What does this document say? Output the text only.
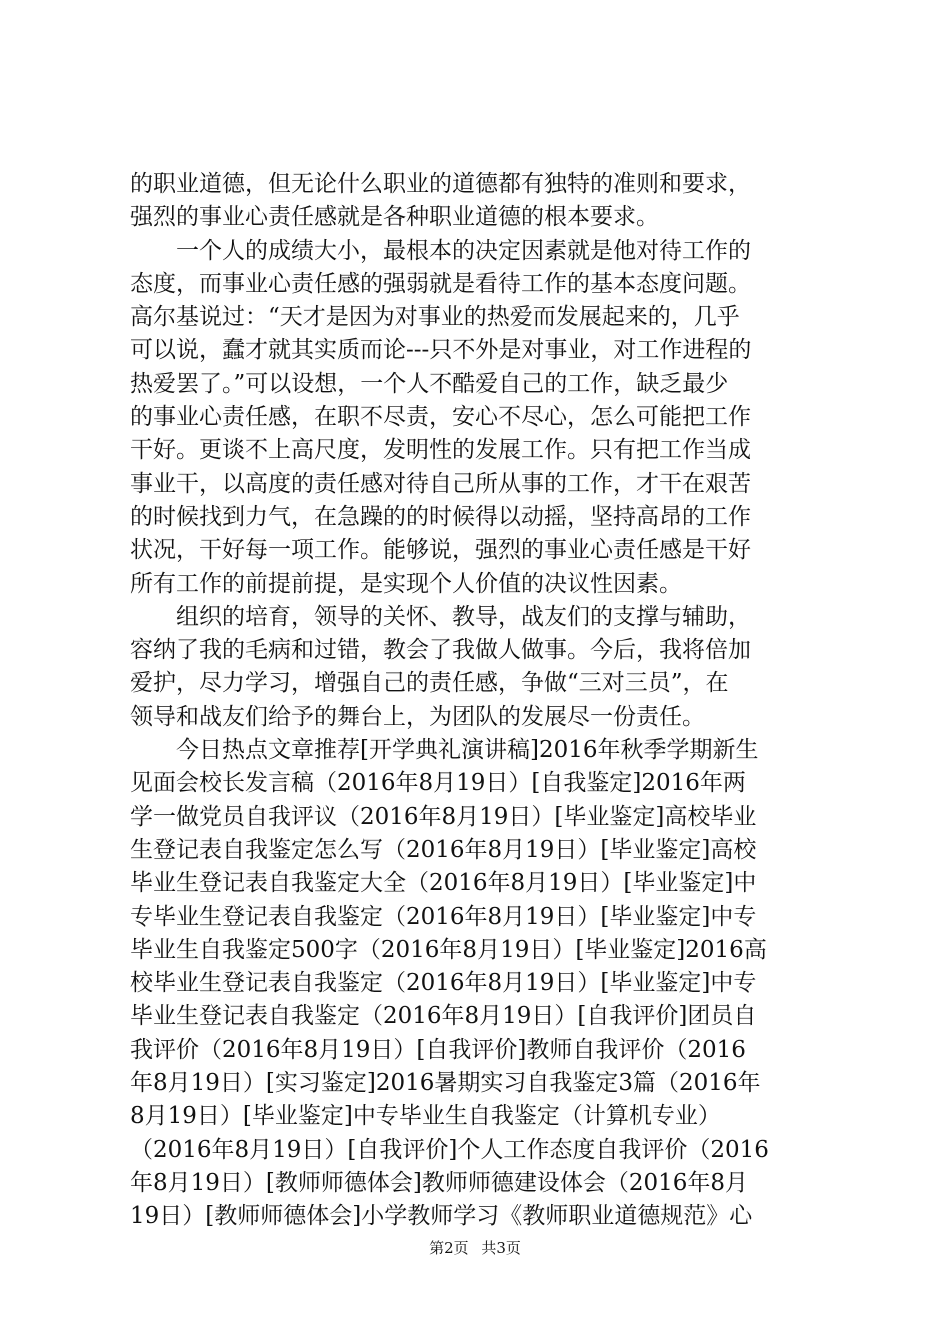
的职业道德，但无论什么职业的道德都有独特的准则和要求，
强烈的事业心责任感就是各种职业道德的根本要求。
　　一个人的成绩大小，最根本的决定因素就是他对待工作的
态度，而事业心责任感的强弱就是看待工作的基本态度问题。
高尔基说过：“天才是因为对事业的热爱而发展起来的，几乎
可以说，蠢才就其实质而论---只不外是对事业，对工作进程的
热爱罢了。”可以设想，一个人不酷爱自己的工作，缺乏最少
的事业心责任感，在职不尽责，安心不尽心，怎么可能把工作
干好。更谈不上高尺度，发明性的发展工作。只有把工作当成
事业干，以高度的责任感对待自己所从事的工作，才干在艰苦
的时候找到力气，在急躁的的时候得以动摇，坚持高昂的工作
状况，干好每一项工作。能够说，强烈的事业心责任感是干好
所有工作的前提前提，是实现个人价值的决议性因素。
　　组织的培育，领导的关怀、教导，战友们的支撑与辅助，
容纳了我的毛病和过错，教会了我做人做事。今后，我将倍加
爱护，尽力学习，增强自己的责任感，争做“三对三员”，在
领导和战友们给予的舞台上，为团队的发展尽一份责任。
　　今日热点文章推荐[开学典礼演讲稿]2016年秋季学期新生
见面会校长发言稿（2016年8月19日）[自我鉴定]2016年两
学一做党员自我评议（2016年8月19日）[毕业鉴定]高校毕业
生登记表自我鉴定怎么写（2016年8月19日）[毕业鉴定]高校
毕业生登记表自我鉴定大全（2016年8月19日）[毕业鉴定]中
专毕业生登记表自我鉴定（2016年8月19日）[毕业鉴定]中专
毕业生自我鉴定500字（2016年8月19日）[毕业鉴定]2016高
校毕业生登记表自我鉴定（2016年8月19日）[毕业鉴定]中专
毕业生登记表自我鉴定（2016年8月19日）[自我评价]团员自
我评价（2016年8月19日）[自我评价]教师自我评价（2016
年8月19日）[实习鉴定]2016暑期实习自我鉴定3篇（2016年
8月19日）[毕业鉴定]中专毕业生自我鉴定（计算机专业）
（2016年8月19日）[自我评价]个人工作态度自我评价（2016
年8月19日）[教师师德体会]教师师德建设体会（2016年8月
19日）[教师师德体会]小学教师学习《教师职业道德规范》心
第2页 共3页
